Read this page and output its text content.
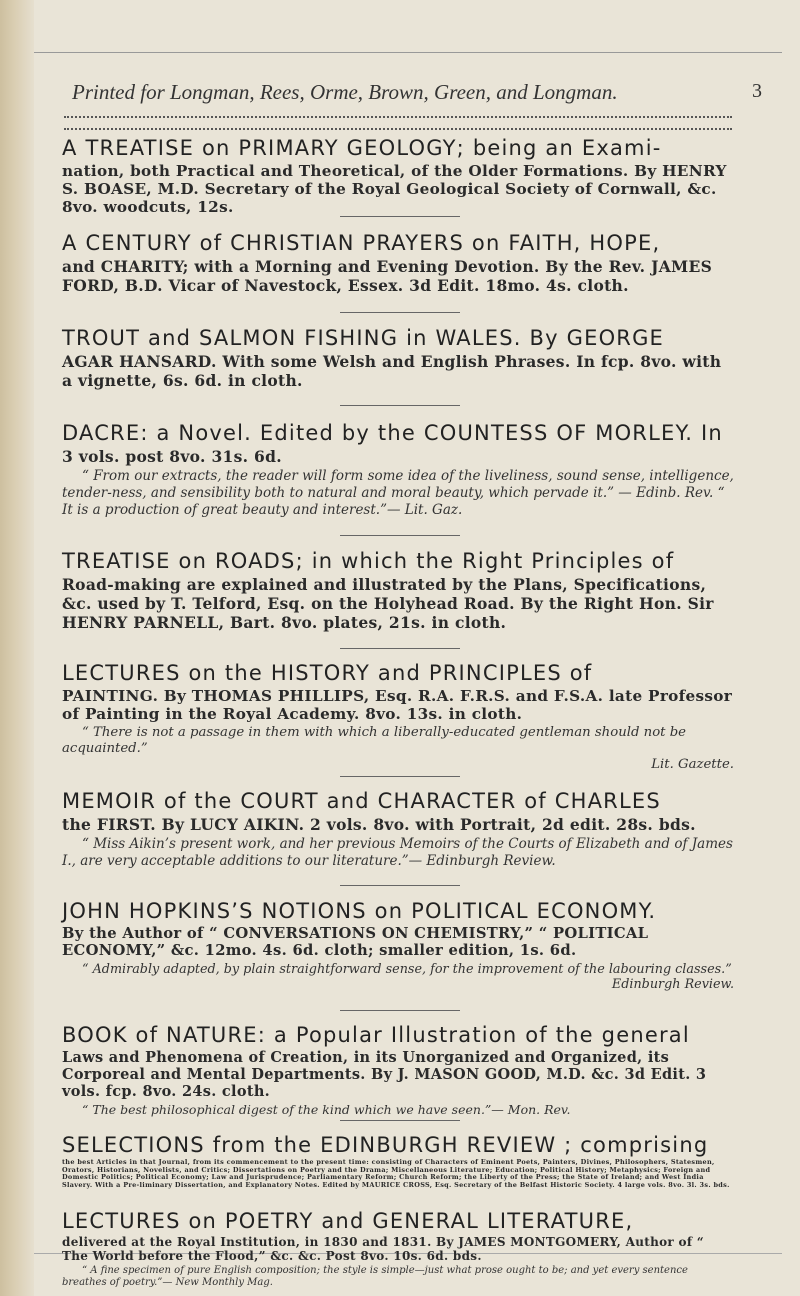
Printed for Longman, Rees, Orme, Brown, Green, and Longman.	3
A TREATISE on PRIMARY GEOLOGY; being an Exami-

nation, both Practical and Theoretical, of the Older Formations. By HENRY S. BOASE, M.D. Secretary of the Royal Geological Society of Cornwall, &c. 8vo. woodcuts, 12s.

A CENTURY of CHRISTIAN PRAYERS on FAITH, HOPE,

and CHARITY; with a Morning and Evening Devotion. By the Rev. JAMES FORD, B.D. Vicar of Navestock, Essex. 3d Edit. 18mo. 4s. cloth.

TROUT and SALMON FISHING in WALES. By GEORGE

AGAR HANSARD. With some Welsh and English Phrases. In fcp. 8vo. with a vignette, 6s. 6d. in cloth.

DACRE: a Novel. Edited by the COUNTESS OF MORLEY. In

3 vols. post 8vo. 31s. 6d.

“ From our extracts, the reader will form some idea of the liveliness, sound sense, intelligence, tender-ness, and sensibility both to natural and moral beauty, which pervade it.” — Edinb. Rev. “ It is a production of great beauty and interest.”— Lit. Gaz.

TREATISE on ROADS; in which the Right Principles of

Road-making are explained and illustrated by the Plans, Specifications, &c. used by T. Telford, Esq. on the Holyhead Road. By the Right Hon. Sir HENRY PARNELL, Bart. 8vo. plates, 21s. in cloth.

LECTURES on the HISTORY and PRINCIPLES of

PAINTING. By THOMAS PHILLIPS, Esq. R.A. F.R.S. and F.S.A. late Professor of Painting in the Royal Academy. 8vo. 13s. in cloth.

“ There is not a passage in them with which a liberally-educated gentleman should not be acquainted.”

Lit. Gazette.

MEMOIR of the COURT and CHARACTER of CHARLES

the FIRST. By LUCY AIKIN. 2 vols. 8vo. with Portrait, 2d edit. 28s. bds.

“ Miss Aikin’s present work, and her previous Memoirs of the Courts of Elizabeth and of James I., are very acceptable additions to our literature.”— Edinburgh Review.

JOHN HOPKINS’S NOTIONS on POLITICAL ECONOMY.

By the Author of “ CONVERSATIONS ON CHEMISTRY,” “ POLITICAL ECONOMY,” &c. 12mo. 4s. 6d. cloth; smaller edition, 1s. 6d.

“ Admirably adapted, by plain straightforward sense, for the improvement of the labouring classes.”

Edinburgh Review.

BOOK of NATURE: a Popular Illustration of the general

Laws and Phenomena of Creation, in its Unorganized and Organized, its Corporeal and Mental Departments. By J. MASON GOOD, M.D. &c. 3d Edit. 3 vols. fcp. 8vo. 24s. cloth.

“ The best philosophical digest of the kind which we have seen.”— Mon. Rev.

SELECTIONS from the EDINBURGH REVIEW ; comprising

the best Articles in that Journal, from its commencement to the present time: consisting of Characters of Eminent Poets, Painters, Divines, Philosophers, Statesmen, Orators, Historians, Novelists, and Critics; Dissertations on Poetry and the Drama; Miscellaneous Literature; Education; Political History; Metaphysics; Foreign and Domestic Politics; Political Economy; Law and Jurisprudence; Parliamentary Reform; Church Reform; the Liberty of the Press; the State of Ireland; and West India Slavery. With a Pre-liminary Dissertation, and Explanatory Notes. Edited by MAURICE CROSS, Esq. Secretary of the Belfast Historic Society. 4 large vols. 8vo. 3l. 3s. bds.

LECTURES on POETRY and GENERAL LITERATURE,

delivered at the Royal Institution, in 1830 and 1831. By JAMES MONTGOMERY, Author of “ The World before the Flood,” &c. &c. Post 8vo. 10s. 6d. bds.

“ A fine specimen of pure English composition; the style is simple—just what prose ought to be; and yet every sentence breathes of poetry.”— New Monthly Mag.
